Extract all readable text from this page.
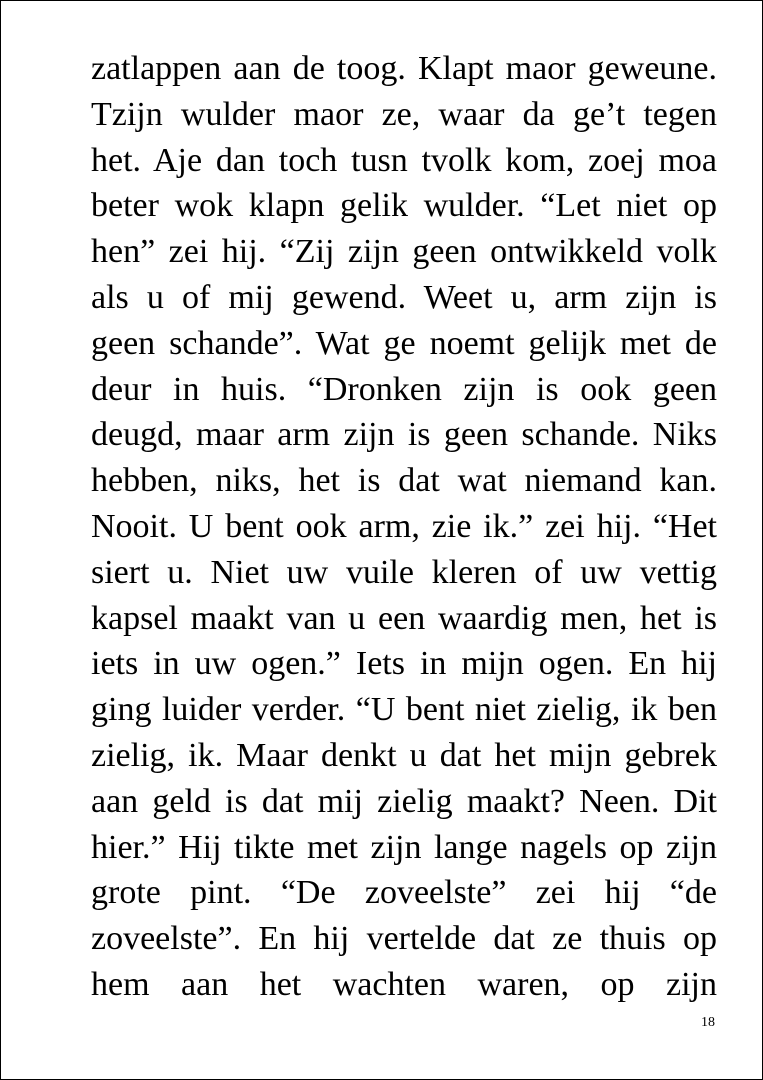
zatlappen aan de toog. Klapt maor geweune.
Tzijn wulder maor ze, waar da ge’t tegen
het. Aje dan toch tusn tvolk kom, zoej moa
beter wok klapn gelik wulder. “Let niet op
hen” zei hij. “Zij zijn geen ontwikkeld volk
als u of mij gewend. Weet u, arm zijn is
geen schande”. Wat ge noemt gelijk met de
deur in huis. “Dronken zijn is ook geen
deugd, maar arm zijn is geen schande. Niks
hebben, niks, het is dat wat niemand kan.
Nooit. U bent ook arm, zie ik.” zei hij. “Het
siert u. Niet uw vuile kleren of uw vettig
kapsel maakt van u een waardig men, het is
iets in uw ogen.” Iets in mijn ogen. En hij
ging luider verder. “U bent niet zielig, ik ben
zielig, ik. Maar denkt u dat het mijn gebrek
aan geld is dat mij zielig maakt? Neen. Dit
hier.” Hij tikte met zijn lange nagels op zijn
grote pint. “De zoveelste” zei hij “de
zoveelste”. En hij vertelde dat ze thuis op
hem aan het wachten waren, op zijn
18
